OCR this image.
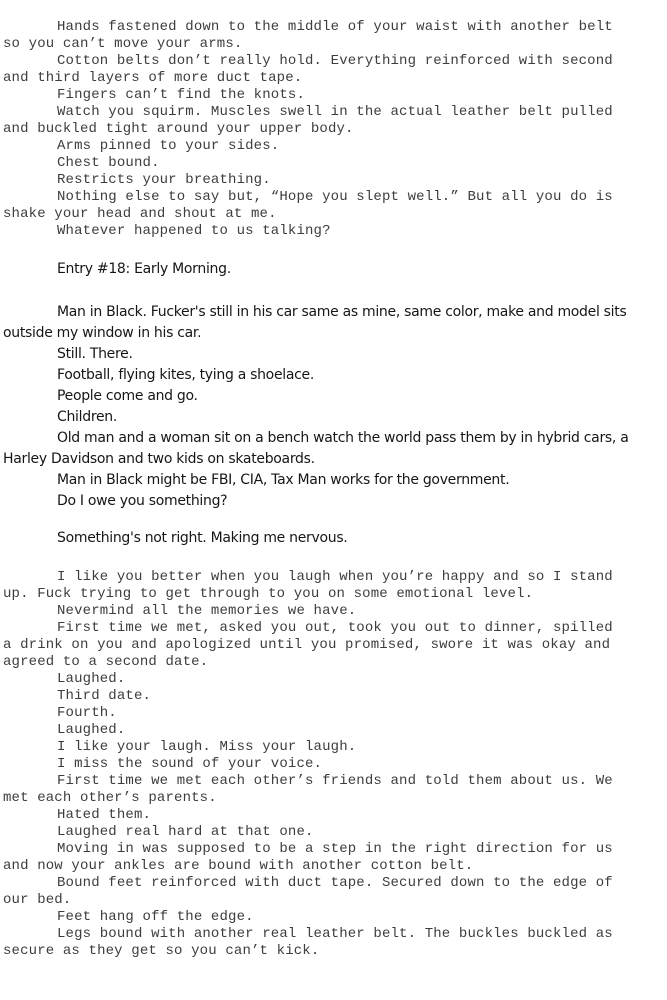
Hands fastened down to the middle of your waist with another belt
so you can’t move your arms.
Cotton belts don’t really hold. Everything reinforced with second
and third layers of more duct tape.
Fingers can’t find the knots.
Watch you squirm. Muscles swell in the actual leather belt pulled
and buckled tight around your upper body.
Arms pinned to your sides.
Chest bound.
Restricts your breathing.
Nothing else to say but, “Hope you slept well.” But all you do is
shake your head and shout at me.
Whatever happened to us talking?
Entry #18: Early Morning.
Man in Black. Fucker's still in his car same as mine, same color, make and model sits
outside my window in his car.
Still. There.
Football, flying kites, tying a shoelace.
People come and go.
Children.
Old man and a woman sit on a bench watch the world pass them by in hybrid cars, a
Harley Davidson and two kids on skateboards.
Man in Black might be FBI, CIA, Tax Man works for the government.
Do I owe you something?
Something's not right. Making me nervous.
I like you better when you laugh when you’re happy and so I stand
up. Fuck trying to get through to you on some emotional level.
Nevermind all the memories we have.
First time we met, asked you out, took you out to dinner, spilled
a drink on you and apologized until you promised, swore it was okay and
agreed to a second date.
Laughed.
Third date.
Fourth.
Laughed.
I like your laugh. Miss your laugh.
I miss the sound of your voice.
First time we met each other’s friends and told them about us. We
met each other’s parents.
Hated them.
Laughed real hard at that one.
Moving in was supposed to be a step in the right direction for us
and now your ankles are bound with another cotton belt.
Bound feet reinforced with duct tape. Secured down to the edge of
our bed.
Feet hang off the edge.
Legs bound with another real leather belt. The buckles buckled as
secure as they get so you can’t kick.
